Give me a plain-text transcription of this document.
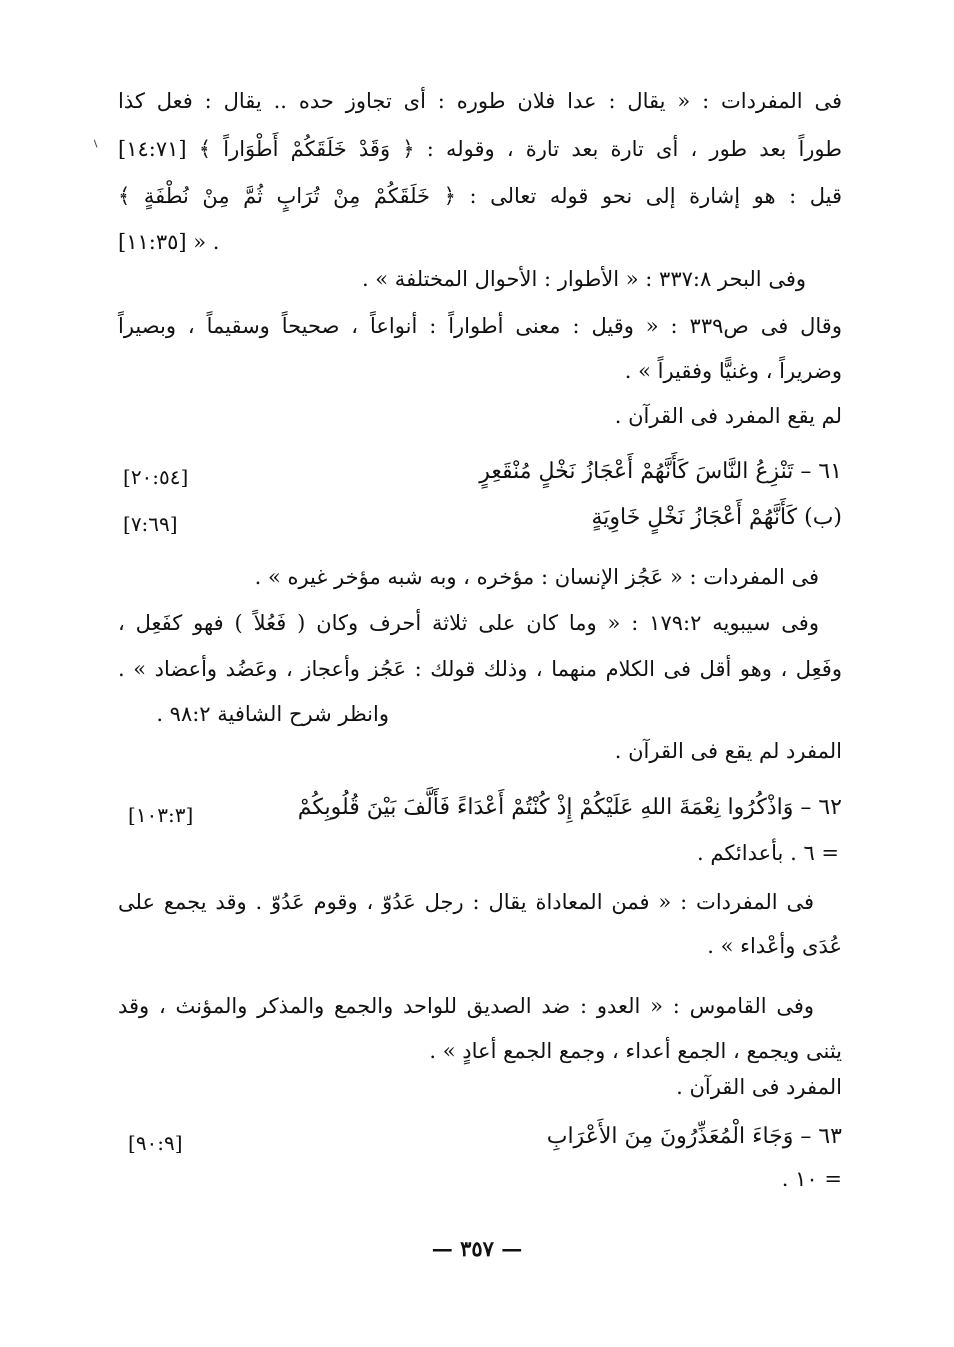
فى المفردات : « يقال : عدا فلان طوره : أى تجاوز حده .. يقال : فعل كذا
طوراً بعد طور ، أى تارة بعد تارة ، وقوله : ﴿ وَقَدْ خَلَقَكُمْ أَطْوَاراً ﴾ [١٤:٧١]
قيل : هو إشارة إلى نحو قوله تعالى : ﴿ خَلَقَكُمْ مِنْ تُرَابٍ ثُمَّ مِنْ نُطْفَةٍ ﴾
. « [١١:٣٥]
وفى البحر ٣٣٧:٨ : « الأطوار : الأحوال المختلفة » .
وقال فى ص٣٣٩ : « وقيل : معنى أطواراً : أنواعاً ، صحيحاً وسقيماً ، وبصيراً
وضريراً ، وغنيًّا وفقيراً » .
لم يقع المفرد فى القرآن .
٦١ – تَنْزِعُ النَّاسَ كَأَنَّهُمْ أَعْجَازُ نَخْلٍ مُنْقَعِرٍ
[٢٠:٥٤]
(ب) كَأَنَّهُمْ أَعْجَازُ نَخْلٍ خَاوِيَةٍ
[٧:٦٩]
فى المفردات : « عَجُز الإنسان : مؤخره ، وبه شبه مؤخر غيره » .
وفى سيبويه ١٧٩:٢ : « وما كان على ثلاثة أحرف وكان ( فَعُلاً ) فهو كفَعِل ،
وفَعِل ، وهو أقل فى الكلام منهما ، وذلك قولك : عَجُز وأعجاز ، وعَضُد وأعضاد » .
وانظر شرح الشافية ٩٨:٢ .
المفرد لم يقع فى القرآن .
٦٢ – وَاذْكُرُوا نِعْمَةَ اللهِ عَلَيْكُمْ إِذْ كُنْتُمْ أَعْدَاءً فَأَلَّفَ بَيْنَ قُلُوبِكُمْ
[١٠٣:٣]
= ٦ . بأعدائكم .
فى المفردات : « فمن المعاداة يقال : رجل عَدُوّ ، وقوم عَدُوّ . وقد يجمع على
عُدَى وأعْداء » .
وفى القاموس : « العدو : ضد الصديق للواحد والجمع والمذكر والمؤنث ، وقد
يثنى ويجمع ، الجمع أعداء ، وجمع الجمع أعادٍ » .
المفرد فى القرآن .
٦٣ – وَجَاءَ الْمُعَذِّرُونَ مِنَ الأَعْرَابِ
[٩٠:٩]
= ١٠ .
— ٣٥٧ —
